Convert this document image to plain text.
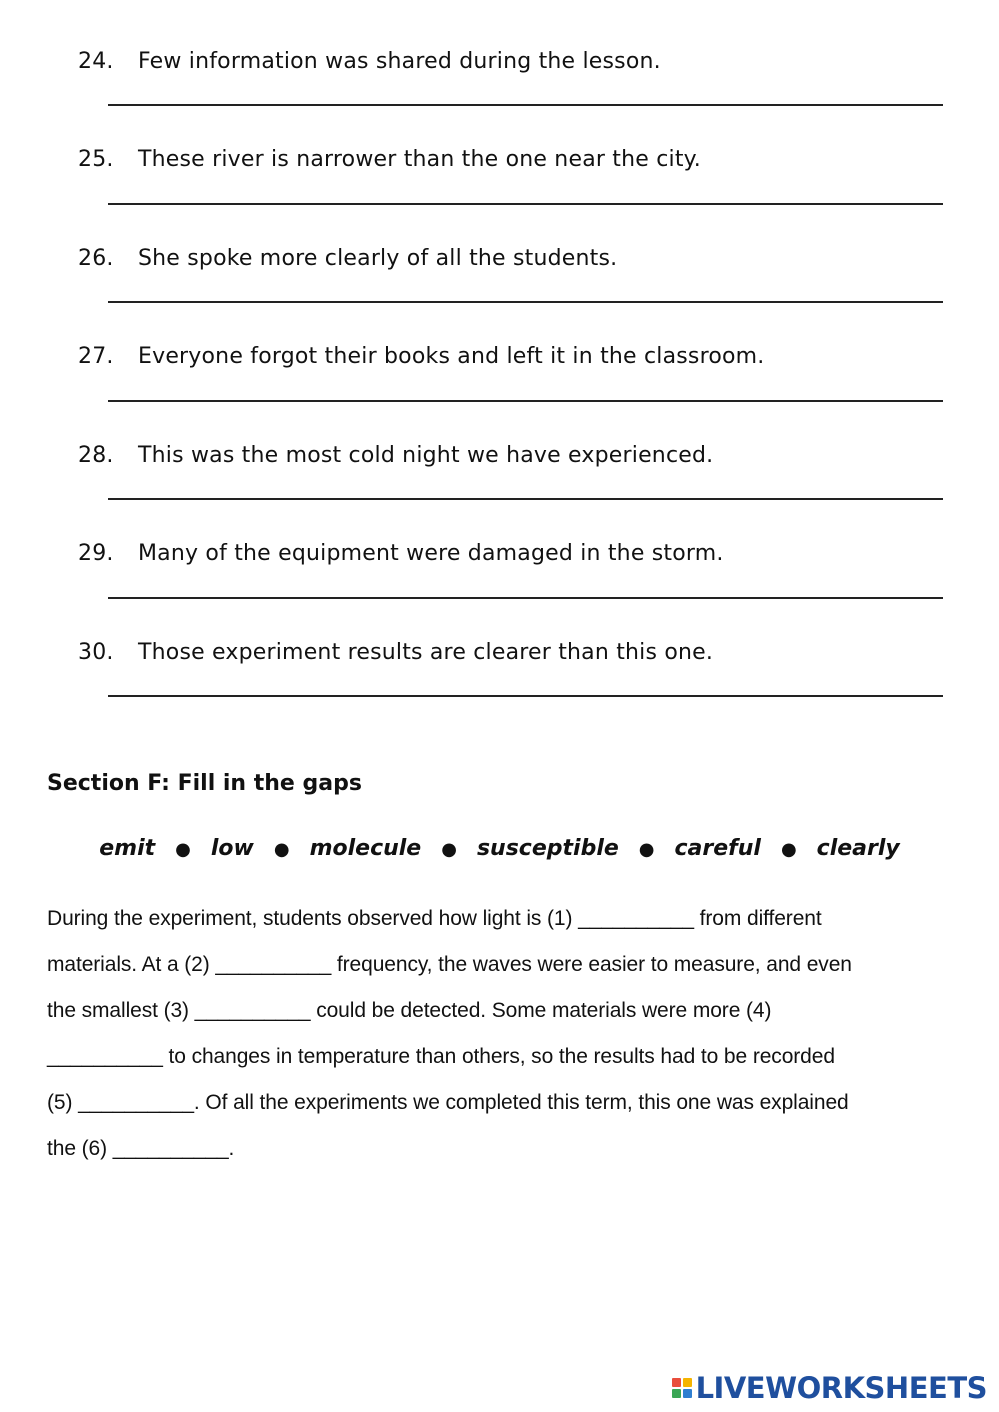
24. Few information was shared during the lesson.
25. These river is narrower than the one near the city.
26. She spoke more clearly of all the students.
27. Everyone forgot their books and left it in the classroom.
28. This was the most cold night we have experienced.
29. Many of the equipment were damaged in the storm.
30. Those experiment results are clearer than this one.
Section F: Fill in the gaps
emit ● low ● molecule ● susceptible ● careful ● clearly
During the experiment, students observed how light is (1) __________ from different
materials. At a (2) __________ frequency, the waves were easier to measure, and even
the smallest (3) __________ could be detected. Some materials were more (4)
__________ to changes in temperature than others, so the results had to be recorded
(5) __________. Of all the experiments we completed this term, this one was explained
the (6) __________.
LIVEWORKSHEETS
